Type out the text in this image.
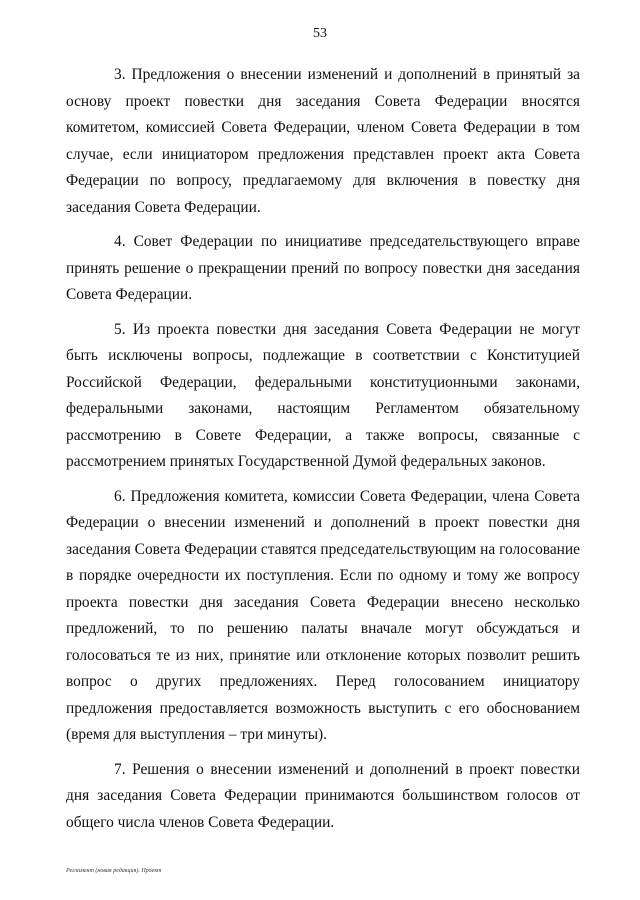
53

3. Предложения о внесении изменений и дополнений в принятый за основу проект повестки дня заседания Совета Федерации вносятся комитетом, комиссией Совета Федерации, членом Совета Федерации в том случае, если инициатором предложения представлен проект акта Совета Федерации по вопросу, предлагаемому для включения в повестку дня заседания Совета Федерации.

4. Совет Федерации по инициативе председательствующего вправе принять решение о прекращении прений по вопросу повестки дня заседания Совета Федерации.

5. Из проекта повестки дня заседания Совета Федерации не могут быть исключены вопросы, подлежащие в соответствии с Конституцией Российской Федерации, федеральными конституционными законами, федеральными законами, настоящим Регламентом обязательному рассмотрению в Совете Федерации, а также вопросы, связанные с рассмотрением принятых Государственной Думой федеральных законов.

6. Предложения комитета, комиссии Совета Федерации, члена Совета Федерации о внесении изменений и дополнений в проект повестки дня заседания Совета Федерации ставятся председательствующим на голосование в порядке очередности их поступления. Если по одному и тому же вопросу проекта повестки дня заседания Совета Федерации внесено несколько предложений, то по решению палаты вначале могут обсуждаться и голосоваться те из них, принятие или отклонение которых позволит решить вопрос о других предложениях. Перед голосованием инициатору предложения предоставляется возможность выступить с его обоснованием (время для выступления – три минуты).

7. Решения о внесении изменений и дополнений в проект повестки дня заседания Совета Федерации принимаются большинством голосов от общего числа членов Совета Федерации.

Регламент (новая редакция). Проект
